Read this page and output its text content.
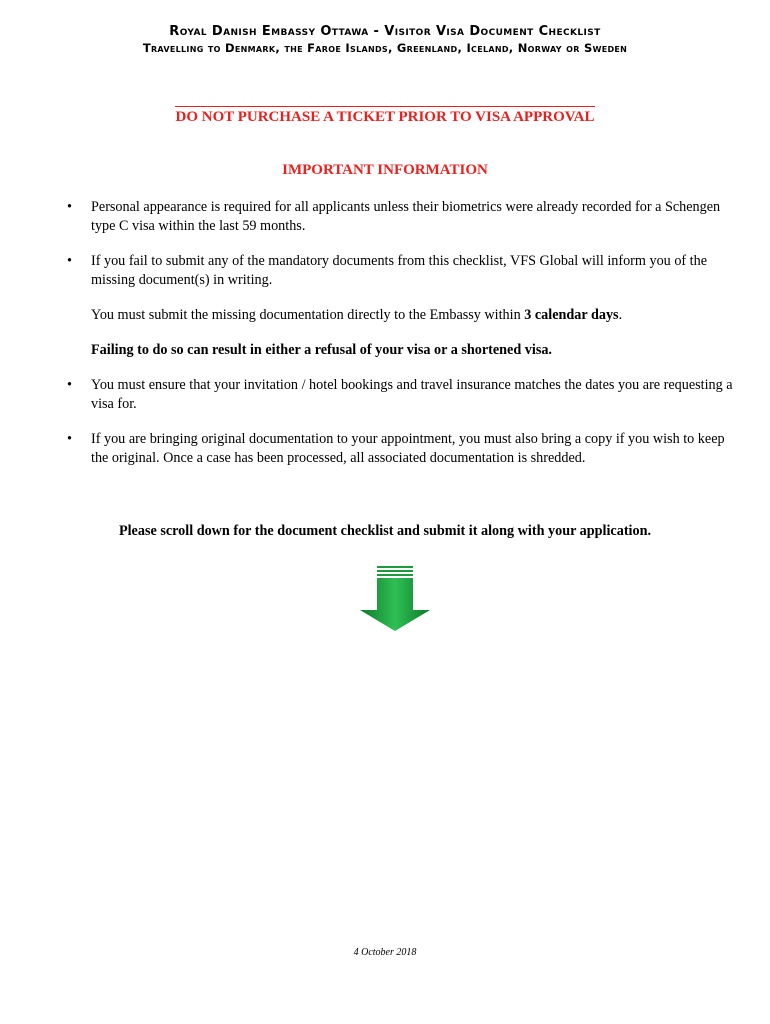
Royal Danish Embassy Ottawa - Visitor Visa Document Checklist
Travelling to Denmark, the Faroe Islands, Greenland, Iceland, Norway or Sweden
DO NOT PURCHASE A TICKET PRIOR TO VISA APPROVAL
IMPORTANT INFORMATION
• Personal appearance is required for all applicants unless their biometrics were already recorded for a Schengen type C visa within the last 59 months.
• If you fail to submit any of the mandatory documents from this checklist, VFS Global will inform you of the missing document(s) in writing.
You must submit the missing documentation directly to the Embassy within 3 calendar days.
Failing to do so can result in either a refusal of your visa or a shortened visa.
• You must ensure that your invitation / hotel bookings and travel insurance matches the dates you are requesting a visa for.
• If you are bringing original documentation to your appointment, you must also bring a copy if you wish to keep the original. Once a case has been processed, all associated documentation is shredded.
Please scroll down for the document checklist and submit it along with your application.
4 October 2018
